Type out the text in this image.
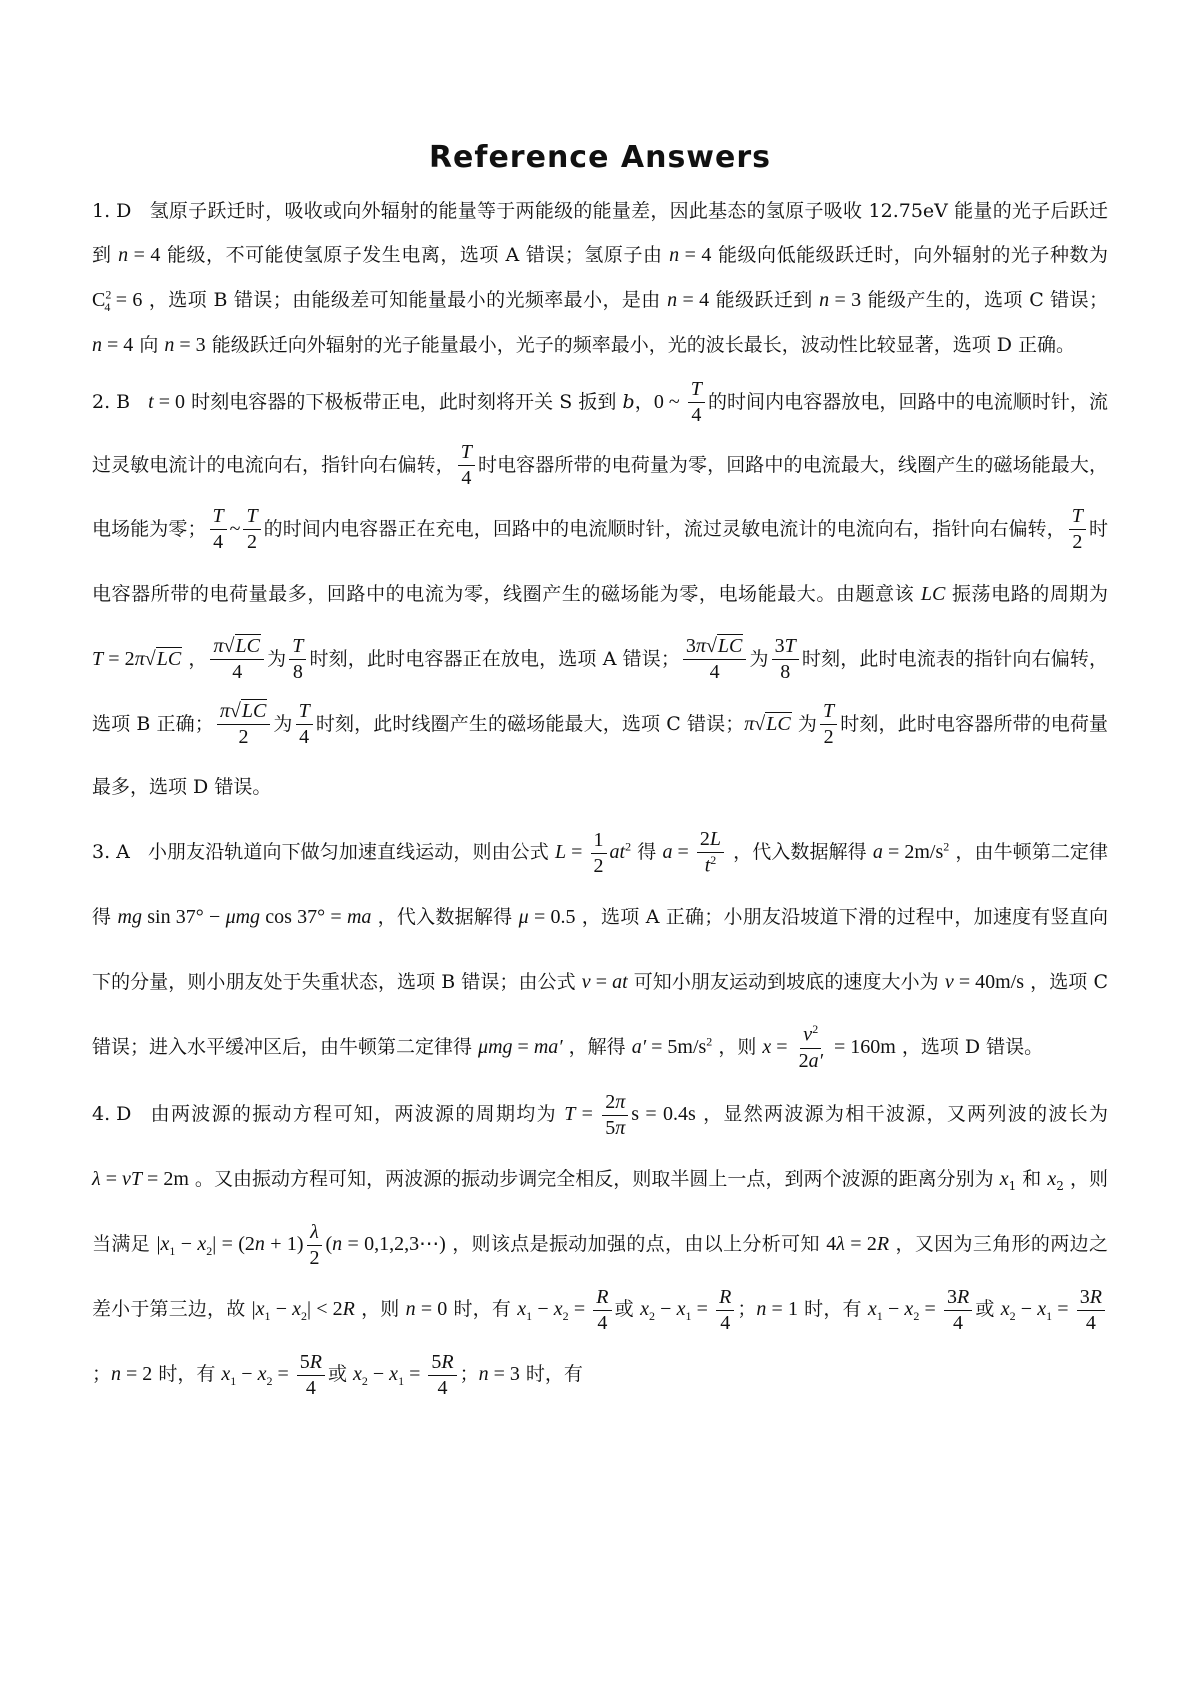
Reference Answers

1. D 氢原子跃迁时，吸收或向外辐射的能量等于两能级的能量差，因此基态的氢原子吸收 12.75eV 能量的光子后跃迁到 n = 4 能级，不可能使氢原子发生电离，选项 A 错误；氢原子由 n = 4 能级向低能级跃迁时，向外辐射的光子种数为 $C^2_4 = 6$ ，选项 B 错误；由能级差可知能量最小的光频率最小，是由 n = 4 能级跃迁到 n = 3 能级产生的，选项 C 错误；n = 4 向 n = 3 能级跃迁向外辐射的光子能量最小，光子的频率最小，光的波长最长，波动性比较显著，选项 D 正确。

2. B t = 0 时刻电容器的下极板带正电，此时刻将开关 S 扳到 b，0 ~ $\frac{T}{4}$ 的时间内电容器放电，回路中的电流顺时针，流过灵敏电流计的电流向右，指针向右偏转， $\frac{T}{4}$ 时电容器所带的电荷量为零，回路中的电流最大，线圈产生的磁场能最大，电场能为零； $\frac{T}{4}$ ~ $\frac{T}{2}$ 的时间内电容器正在充电，回路中的电流顺时针，流过灵敏电流计的电流向右，指针向右偏转， $\frac{T}{2}$ 时电容器所带的电荷量最多，回路中的电流为零，线圈产生的磁场能为零，电场能最大。由题意该 LC 振荡电路的周期为 T = 2π√LC ， $\frac{\pi√LC}{4}$ 为 $\frac{T}{8}$ 时刻，此时电容器正在放电，选项 A 错误； $\frac{3\pi√LC}{4}$ 为 $\frac{3T}{8}$ 时刻，此时电流表的指针向右偏转，选项 B 正确； $\frac{\pi√LC}{2}$ 为 $\frac{T}{4}$ 时刻，此时线圈产生的磁场能最大，选项 C 错误；π√LC 为 $\frac{T}{2}$ 时刻，此时电容器所带的电荷量最多，选项 D 错误。

3. A 小朋友沿轨道向下做匀加速直线运动，则由公式 $L = \frac{1}{2} at^2$ 得 $a = \frac{2L}{t^2}$ ，代入数据解得 $a = 2m/s^2$ ，由牛顿第二定律得 mg sin 37° − μmg cos 37° = ma ，代入数据解得 μ = 0.5 ，选项 A 正确；小朋友沿坡道下滑的过程中，加速度有竖直向下的分量，则小朋友处于失重状态，选项 B 错误；由公式 v = at 可知小朋友运动到坡底的速度大小为 v = 40m/s ，选项 C 错误；进入水平缓冲区后，由牛顿第二定律得 μmg = ma′ ，解得 $a' = 5m/s^2$ ，则 $x = \frac{v^2}{2a'} = 160m$ ，选项 D 错误。

4. D 由两波源的振动方程可知，两波源的周期均为 $T = \frac{2\pi}{5\pi}$ s = 0.4s ，显然两波源为相干波源，又两列波的波长为 λ = vT = 2m 。又由振动方程可知，两波源的振动步调完全相反，则取半圆上一点，到两个波源的距离分别为 $x_1$ 和 $x_2$ ，则当满足 $|x_1 - x_2| = (2n + 1) \frac{\lambda}{2} (n$ = 0,1,2,3⋯) ，则该点是振动加强的点，由以上分析可知 4λ = 2R ，又因为三角形的两边之差小于第三边，故 $|x_1 - x_2| < 2R$ ，则 n = 0 时，有 $x_1 - x_2 = \frac{R}{4}$ 或 $x_2 - x_1 = \frac{R}{4}$ ；n = 1 时，有 $x_1 - x_2 = \frac{3R}{4}$ 或 $x_2 - x_1 = \frac{3R}{4}$
；n = 2 时，有 $x_1 - x_2 = \frac{5R}{4}$ 或 $x_2 - x_1 = \frac{5R}{4}$ ；n = 3 时，有
